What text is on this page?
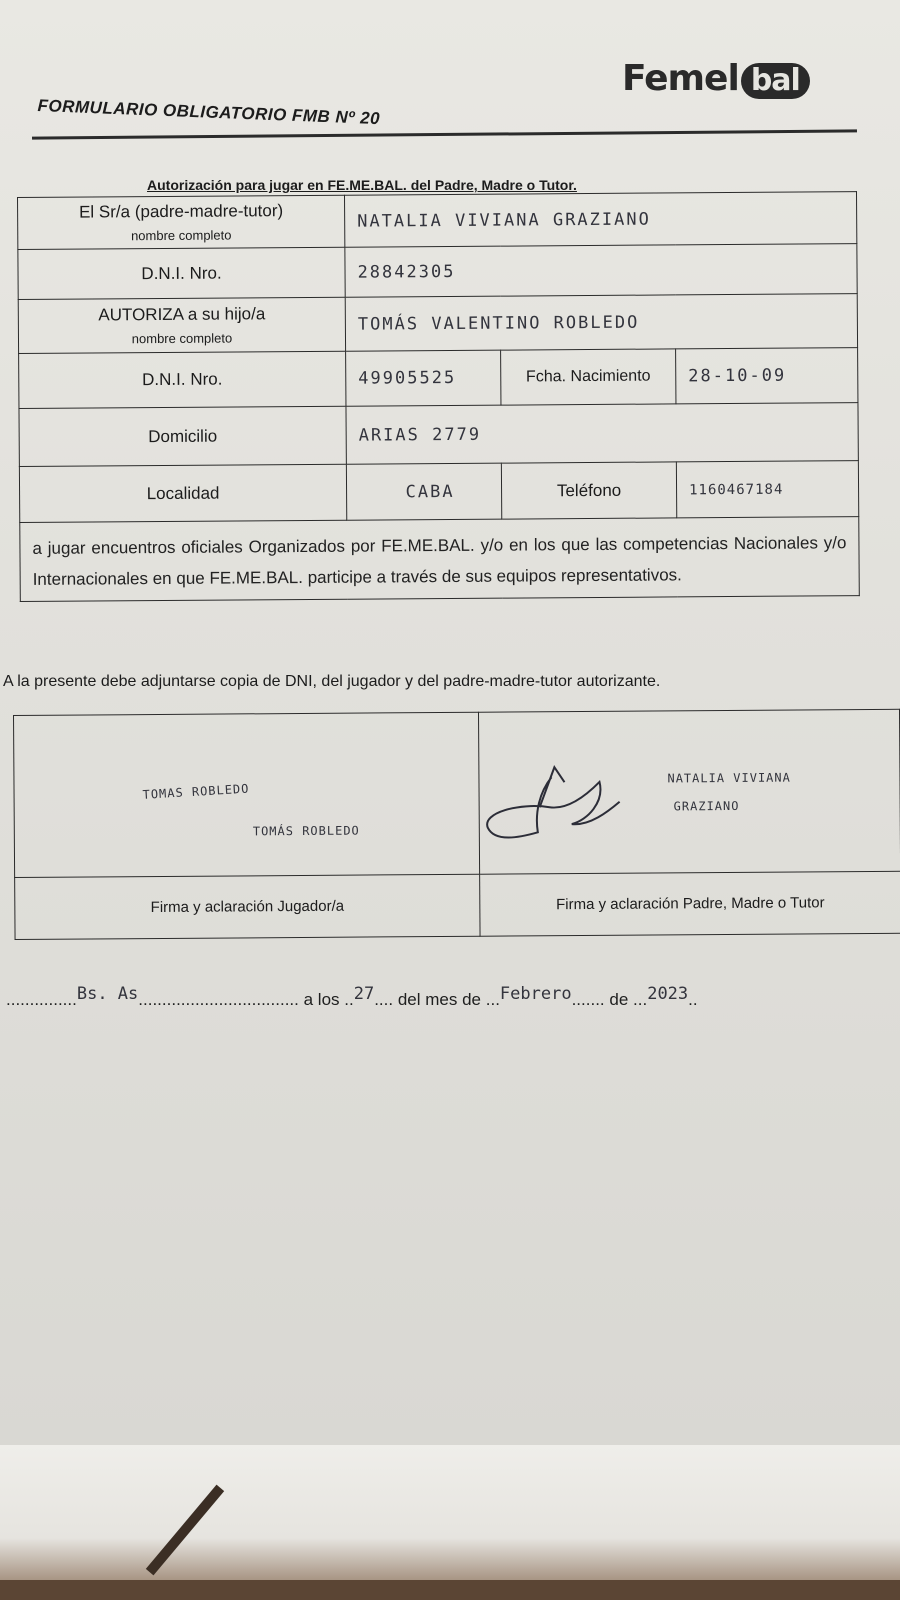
Femel bal
FORMULARIO OBLIGATORIO FMB Nº 20
Autorización para jugar en FE.ME.BAL. del Padre, Madre o Tutor.
El Sr/a (padre-madre-tutor)
nombre completo	NATALIA VIVIANA GRAZIANO		
D.N.I. Nro.	28842305		

AUTORIZA a su hijo/a
nombre completo	TOMÁS VALENTINO ROBLEDO		
D.N.I. Nro.	49905525	Fcha. Nacimiento	28-10-09
Domicilio	ARIAS 2779		
Localidad	CABA	Teléfono	1160467184
a jugar encuentros oficiales Organizados por FE.ME.BAL. y/o en los que las competencias Nacionales y/o Internacionales en que FE.ME.BAL. participe a través de sus equipos representativos.			
A la presente debe adjuntarse copia de DNI, del jugador y del padre-madre-tutor autorizante.
TOMAS ROBLEDO
TOMÁS ROBLEDO	NATALIA VIVIANA
GRAZIANO

Firma y aclaración Jugador/a	Firma y aclaración Padre, Madre o Tutor
...............Bs. As.................................. a los ..27.... del mes de ...Febrero....... de ...2023..
